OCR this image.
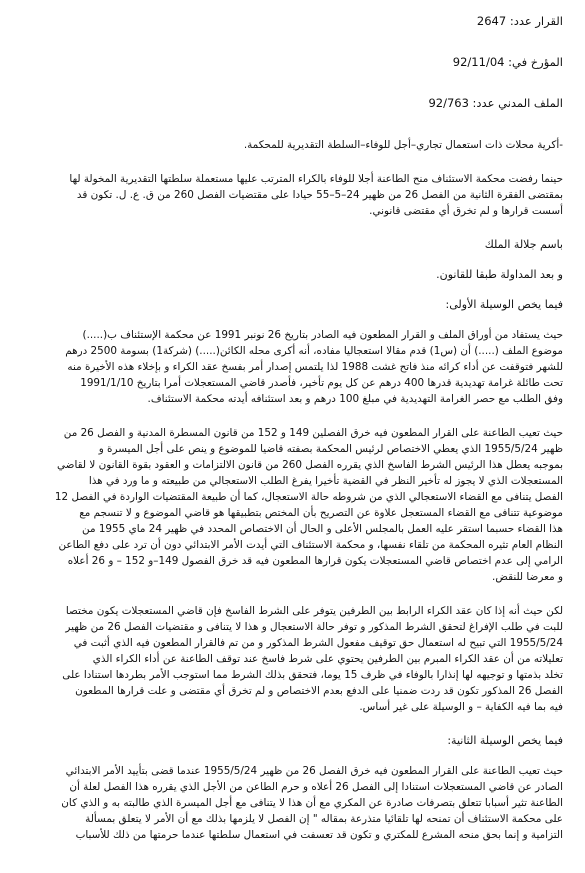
القرار عدد: 2647
المؤرخ في: 92/11/04
الملف المدني عدد: 92/763
-أكرية محلات ذات استعمال تجاري–أجل للوفاء–السلطة التقديرية للمحكمة.
حينما رفضت محكمة الاستئناف منح الطاعنة أجلا للوفاء بالكراء المترتب عليها مستعملة سلطتها التقديرية المخولة لها
بمقتضى الفقرة الثانية من الفصل 26 من ظهير 24–5–55 حيادا على مقتضيات الفصل 260 من ق. ع. ل. تكون قد
أسست قرارها و لم تخرق أي مقتضى قانوني.
باسم جلالة الملك
و بعد المداولة طبقا للقانون.
فيما يخص الوسيلة الأولى:
حيث يستفاد من أوراق الملف و القرار المطعون فيه الصادر بتاريخ 26 نونبر 1991 عن محكمة الإستئناف ب(.....)
موضوع الملف (.....) أن (س1) قدم مقالا استعجاليا مفاده، أنه أكرى محله الكائن(.....) (شركة1) بسومة 2500 درهم
للشهر فتوقفت عن أداء كرائه منذ فاتح غشت 1988 لذا يلتمس إصدار أمر بفسخ عقد الكراء و بإخلاء هذه الأخيرة منه
تحت طائلة غرامة تهديدية قدرها 400 درهم عن كل يوم تأخير، فأصدر قاضي المستعجلات أمرا بتاريخ 1991/1/10
وفق الطلب مع حصر الغرامة التهديدية في مبلغ 100 درهم و بعد استئنافه أيدته محكمة الاستئناف.
حيث تعيب الطاعنة على القرار المطعون فيه خرق الفصلين 149 و 152 من قانون المسطرة المدنية و الفصل 26 من
ظهير 1955/5/24 الذي يعطي الاختصاص لرئيس المحكمة بصفته قاضيا للموضوع و ينص على أجل الميسرة و
بموجبه يعطل هذا الرئيس الشرط الفاسخ الذي يقرره الفصل 260 من قانون الالتزامات و العقود بقوة القانون لا لقاضي
المستعجلات الذي لا يجوز له تأخير النظر في القضية تأخيرا يفرغ الطلب الاستعجالي من طبيعته و ما ورد في هذا
الفصل يتنافى مع القضاء الاستعجالي الذي من شروطه حالة الاستعجال، كما أن طبيعة المقتضيات الواردة في الفصل 12
موضوعية تتنافى مع القضاء المستعجل علاوة عن التصريح بأن المختص بتطبيقها هو قاضي الموضوع و لا تنسجم مع
هذا القضاء حسبما استقر عليه العمل بالمجلس الأعلى و الحال أن الاختصاص المحدد في ظهير 24 ماي 1955 من
النظام العام تثيره المحكمة من تلقاء نفسها، و محكمة الاستئناف التي أيدت الأمر الابتدائي دون أن ترد على دفع الطاعن
الرامي إلى عدم اختصاص قاضي المستعجلات يكون قرارها المطعون فيه قد خرق الفصول 149–و 152 – و 26 أعلاه
و معرضا للنقض.
لكن حيث أنه إذا كان عقد الكراء الرابط بين الطرفين يتوفر على الشرط الفاسخ فإن قاضي المستعجلات يكون مختصا
للبت في طلب الإفراغ لتحقق الشرط المذكور و توفر حالة الاستعجال و هذا لا يتنافى و مقتضيات الفصل 26 من ظهير
1955/5/24 التي تبيح له استعمال حق توقيف مفعول الشرط المذكور و من تم فالقرار المطعون فيه الذي أثبت في
تعليلاته من أن عقد الكراء المبرم بين الطرفين يحتوي على شرط فاسخ عند توقف الطاعنة عن أداء الكراء الذي
تخلد بذمتها و توجيهه لها إنذارا بالوفاء في ظرف 15 يوما، فتحقق بذلك الشرط مما استوجب الأمر بطردها استنادا على
الفصل 26 المذكور تكون قد ردت ضمنيا على الدفع بعدم الاختصاص و لم تخرق أي مقتضى و علت قرارها المطعون
فيه بما فيه الكفاية – و الوسيلة على غير أساس.
فيما يخص الوسيلة الثانية:
حيث تعيب الطاعنة على القرار المطعون فيه خرق الفصل 26 من ظهير 1955/5/24 عندما قضى بتأييد الأمر الابتدائي
الصادر عن قاضي المستعجلات استنادا إلى الفصل 26 أعلاه و حرم الطاعن من الأجل الذي يقرره هذا الفصل لعلة أن
الطاعنة تثير أسبابا تتعلق بتصرفات صادرة عن المكري مع أن هذا لا يتنافى مع أجل الميسرة الذي طالبته به و الذي كان
على محكمة الاستئناف أن تمنحه لها تلقائيا متذرعة بمقاله " إن الفصل لا يلزمها بذلك مع أن الأمر لا يتعلق بمسألة
التزامية و إنما بحق منحه المشرع للمكتري و تكون قد تعسفت في استعمال سلطتها عندما حرمتها من ذلك للأسباب
